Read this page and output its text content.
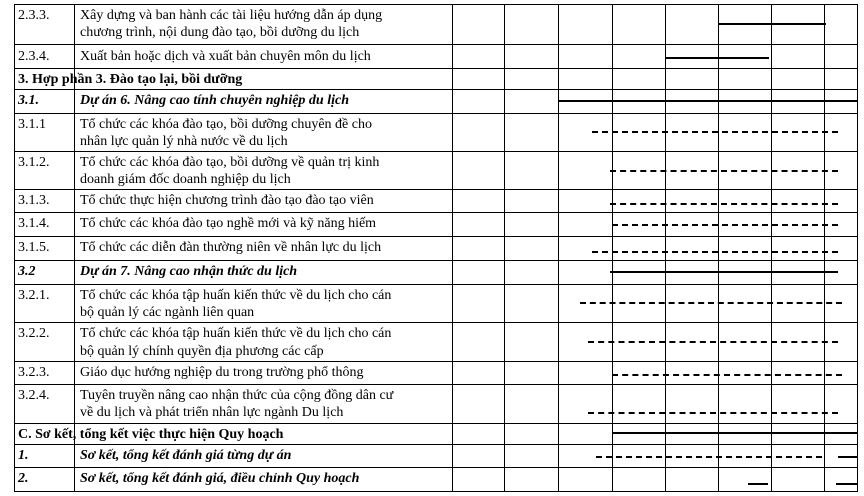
2.3.3.	Xây dựng và ban hành các tài liệu hướng dẫn áp dụng
chương trình, nội dung đào tạo, bồi dưỡng du lịch
2.3.4.	Xuất bản hoặc dịch và xuất bản chuyên môn du lịch
3. Hợp phần 3. Đào tạo lại, bồi dưỡng
3.1.	Dự án 6. Nâng cao tính chuyên nghiệp du lịch
3.1.1	Tổ chức các khóa đào tạo, bồi dưỡng chuyên đề cho
nhân lực quản lý nhà nước về du lịch
3.1.2.	Tổ chức các khóa đào tạo, bồi dưỡng về quản trị kinh
doanh giám đốc doanh nghiệp du lịch
3.1.3.	Tổ chức thực hiện chương trình đào tạo đào tạo viên
3.1.4.	Tổ chức các khóa đào tạo nghề mới và kỹ năng hiếm
3.1.5.	Tổ chức các diễn đàn thường niên về nhân lực du lịch
3.2	Dự án 7. Nâng cao nhận thức du lịch
3.2.1.	Tổ chức các khóa tập huấn kiến thức về du lịch cho cán
bộ quản lý các ngành liên quan
3.2.2.	Tổ chức các khóa tập huấn kiến thức về du lịch cho cán
bộ quản lý chính quyền địa phương các cấp
3.2.3.	Giáo dục hướng nghiệp du trong trường phổ thông
3.2.4.	Tuyên truyền nâng cao nhận thức của cộng đồng dân cư
về du lịch và phát triển nhân lực ngành Du lịch
C. Sơ kết, tổng kết việc thực hiện Quy hoạch
1.	Sơ kết, tổng kết đánh giá từng dự án
2.	Sơ kết, tổng kết đánh giá, điều chỉnh Quy hoạch
